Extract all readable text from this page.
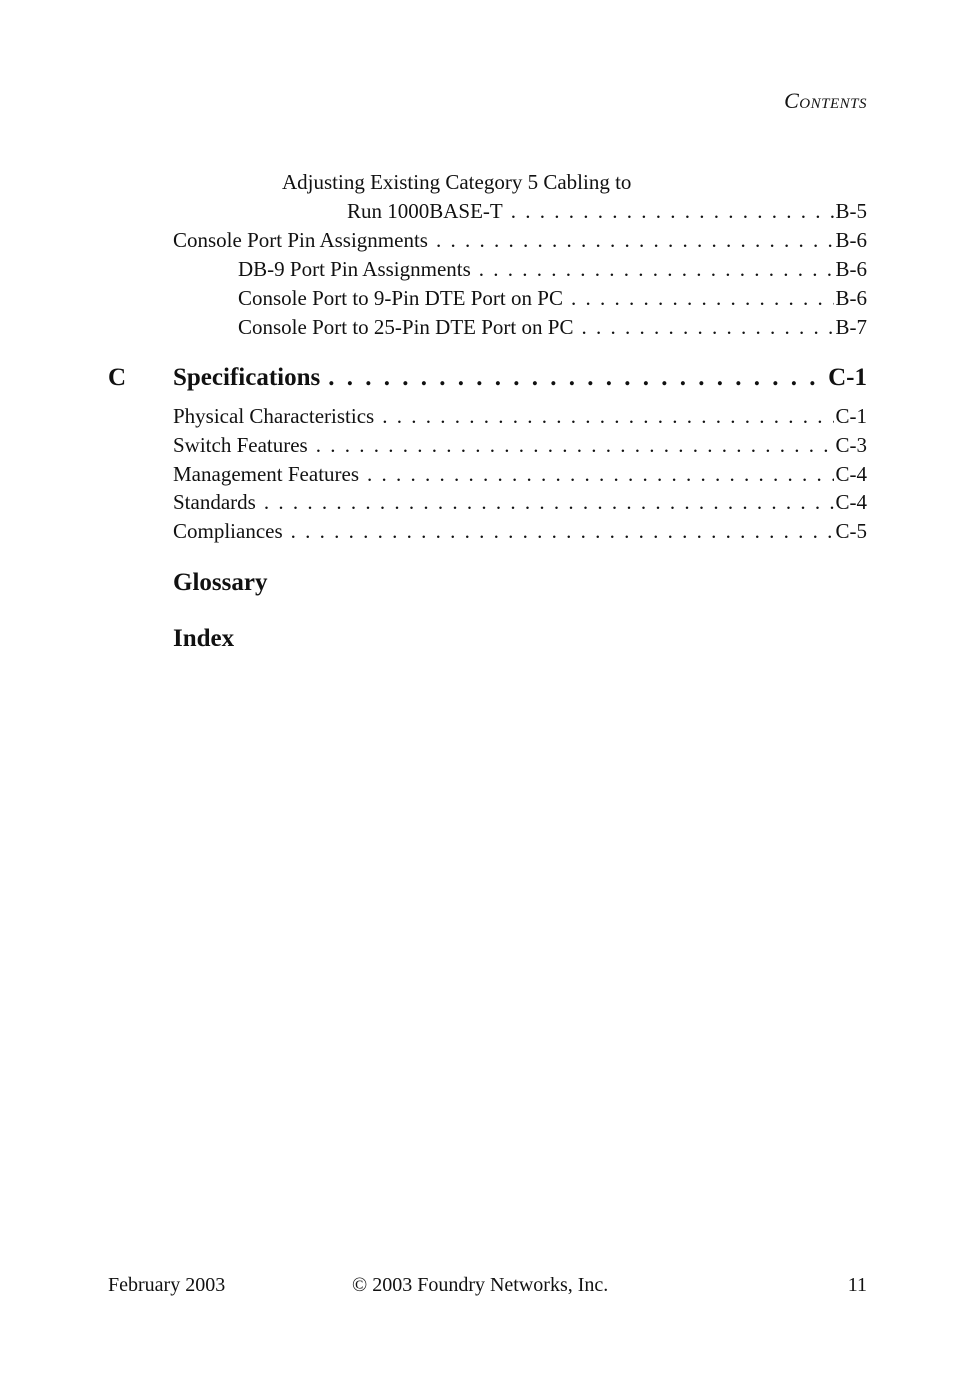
Contents
Adjusting Existing Category 5 Cabling to
Run 1000BASE-T . . .	B-5
Console Port Pin Assignments . . .	B-6
DB-9 Port Pin Assignments . . .	B-6
Console Port to 9-Pin DTE Port on PC . . .	B-6
Console Port to 25-Pin DTE Port on PC . . .	B-7
C Specifications . . .	C-1
Physical Characteristics . . .	C-1
Switch Features . . .	C-3
Management Features . . .	C-4
Standards . . .	C-4
Compliances . . .	C-5
Glossary
Index
February 2003	© 2003 Foundry Networks, Inc.	11
